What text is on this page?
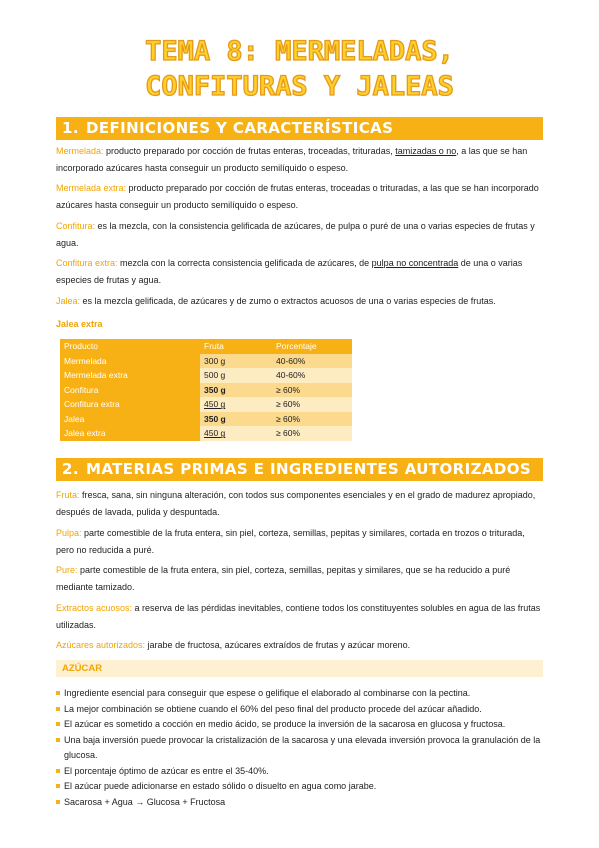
TEMA 8: MERMELADAS,
CONFITURAS Y JALEAS
1. DEFINICIONES Y CARACTERÍSTICAS
Mermelada: producto preparado por cocción de frutas enteras, troceadas, trituradas, tamizadas o no, a las que se han incorporado azúcares hasta conseguir un producto semilíquido o espeso.
Mermelada extra: producto preparado por cocción de frutas enteras, troceadas o trituradas, a las que se han incorporado azúcares hasta conseguir un producto semilíquido o espeso.
Confitura: es la mezcla, con la consistencia gelificada de azúcares, de pulpa o puré de una o varias especies de frutas y agua.
Confitura extra: mezcla con la correcta consistencia gelificada de azúcares, de pulpa no concentrada de una o varias especies de frutas y agua.
Jalea: es la mezcla gelificada, de azúcares y de zumo o extractos acuosos de una o varias especies de frutas.
Jalea extra
Producto	Fruta	Porcentaje
Mermelada	300 g	40-60%
Mermelada extra	500 g	40-60%
Confitura	350 g	≥ 60%
Confitura extra	450 g	≥ 60%
Jalea	350 g	≥ 60%
Jalea extra	450 g	≥ 60%
2. MATERIAS PRIMAS E INGREDIENTES AUTORIZADOS
Fruta: fresca, sana, sin ninguna alteración, con todos sus componentes esenciales y en el grado de madurez apropiado, después de lavada, pulida y despuntada.
Pulpa: parte comestible de la fruta entera, sin piel, corteza, semillas, pepitas y similares, cortada en trozos o triturada, pero no reducida a puré.
Pure: parte comestible de la fruta entera, sin piel, corteza, semillas, pepitas y similares, que se ha reducido a puré mediante tamizado.
Extractos acuosos: a reserva de las pérdidas inevitables, contiene todos los constituyentes solubles en agua de las frutas utilizadas.
Azúcares autorizados: jarabe de fructosa, azúcares extraídos de frutas y azúcar moreno.
AZÚCAR
Ingrediente esencial para conseguir que espese o gelifique el elaborado al combinarse con la pectina.
La mejor combinación se obtiene cuando el 60% del peso final del producto procede del azúcar añadido.
El azúcar es sometido a cocción en medio ácido, se produce la inversión de la sacarosa en glucosa y fructosa.
Una baja inversión puede provocar la cristalización de la sacarosa y una elevada inversión provoca la granulación de la glucosa.
El porcentaje óptimo de azúcar es entre el 35-40%.
El azúcar puede adicionarse en estado sólido o disuelto en agua como jarabe.
Sacarosa + Agua → Glucosa + Fructosa
